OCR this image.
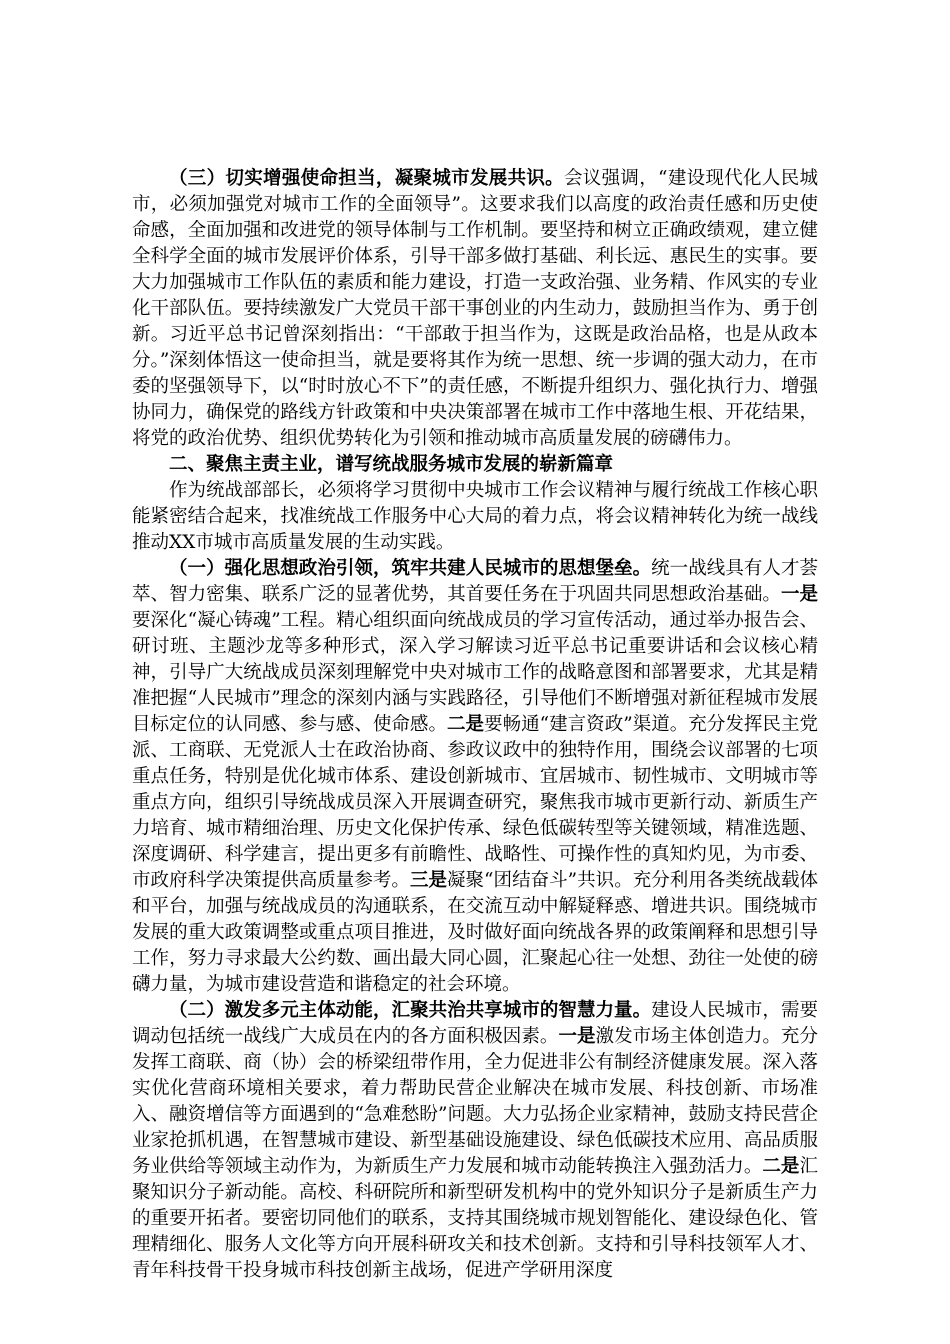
（三）切实增强使命担当，凝聚城市发展共识。会议强调，“建设现代化人民城市，必须加强党对城市工作的全面领导”。这要求我们以高度的政治责任感和历史使命感，全面加强和改进党的领导体制与工作机制。要坚持和树立正确政绩观，建立健全科学全面的城市发展评价体系，引导干部多做打基础、利长远、惠民生的实事。要大力加强城市工作队伍的素质和能力建设，打造一支政治强、业务精、作风实的专业化干部队伍。要持续激发广大党员干部干事创业的内生动力，鼓励担当作为、勇于创新。习近平总书记曾深刻指出：“干部敢于担当作为，这既是政治品格，也是从政本分。”深刻体悟这一使命担当，就是要将其作为统一思想、统一步调的强大动力，在市委的坚强领导下，以“时时放心不下”的责任感，不断提升组织力、强化执行力、增强协同力，确保党的路线方针政策和中央决策部署在城市工作中落地生根、开花结果，将党的政治优势、组织优势转化为引领和推动城市高质量发展的磅礴伟力。

二、聚焦主责主业，谱写统战服务城市发展的崭新篇章

作为统战部部长，必须将学习贯彻中央城市工作会议精神与履行统战工作核心职能紧密结合起来，找准统战工作服务中心大局的着力点，将会议精神转化为统一战线推动XX市城市高质量发展的生动实践。

（一）强化思想政治引领，筑牢共建人民城市的思想堡垒。统一战线具有人才荟萃、智力密集、联系广泛的显著优势，其首要任务在于巩固共同思想政治基础。一是要深化“凝心铸魂”工程。精心组织面向统战成员的学习宣传活动，通过举办报告会、研讨班、主题沙龙等多种形式，深入学习解读习近平总书记重要讲话和会议核心精神，引导广大统战成员深刻理解党中央对城市工作的战略意图和部署要求，尤其是精准把握“人民城市”理念的深刻内涵与实践路径，引导他们不断增强对新征程城市发展目标定位的认同感、参与感、使命感。二是要畅通“建言资政”渠道。充分发挥民主党派、工商联、无党派人士在政治协商、参政议政中的独特作用，围绕会议部署的七项重点任务，特别是优化城市体系、建设创新城市、宜居城市、韧性城市、文明城市等重点方向，组织引导统战成员深入开展调查研究，聚焦我市城市更新行动、新质生产力培育、城市精细治理、历史文化保护传承、绿色低碳转型等关键领域，精准选题、深度调研、科学建言，提出更多有前瞻性、战略性、可操作性的真知灼见，为市委、市政府科学决策提供高质量参考。三是凝聚“团结奋斗”共识。充分利用各类统战载体和平台，加强与统战成员的沟通联系，在交流互动中解疑释惑、增进共识。围绕城市发展的重大政策调整或重点项目推进，及时做好面向统战各界的政策阐释和思想引导工作，努力寻求最大公约数、画出最大同心圆，汇聚起心往一处想、劲往一处使的磅礴力量，为城市建设营造和谐稳定的社会环境。

（二）激发多元主体动能，汇聚共治共享城市的智慧力量。建设人民城市，需要调动包括统一战线广大成员在内的各方面积极因素。一是激发市场主体创造力。充分发挥工商联、商（协）会的桥梁纽带作用，全力促进非公有制经济健康发展。深入落实优化营商环境相关要求，着力帮助民营企业解决在城市发展、科技创新、市场准入、融资增信等方面遇到的“急难愁盼”问题。大力弘扬企业家精神，鼓励支持民营企业家抢抓机遇，在智慧城市建设、新型基础设施建设、绿色低碳技术应用、高品质服务业供给等领域主动作为，为新质生产力发展和城市动能转换注入强劲活力。二是汇聚知识分子新动能。高校、科研院所和新型研发机构中的党外知识分子是新质生产力的重要开拓者。要密切同他们的联系，支持其围绕城市规划智能化、建设绿色化、管理精细化、服务人文化等方向开展科研攻关和技术创新。支持和引导科技领军人才、青年科技骨干投身城市科技创新主战场，促进产学研用深度
